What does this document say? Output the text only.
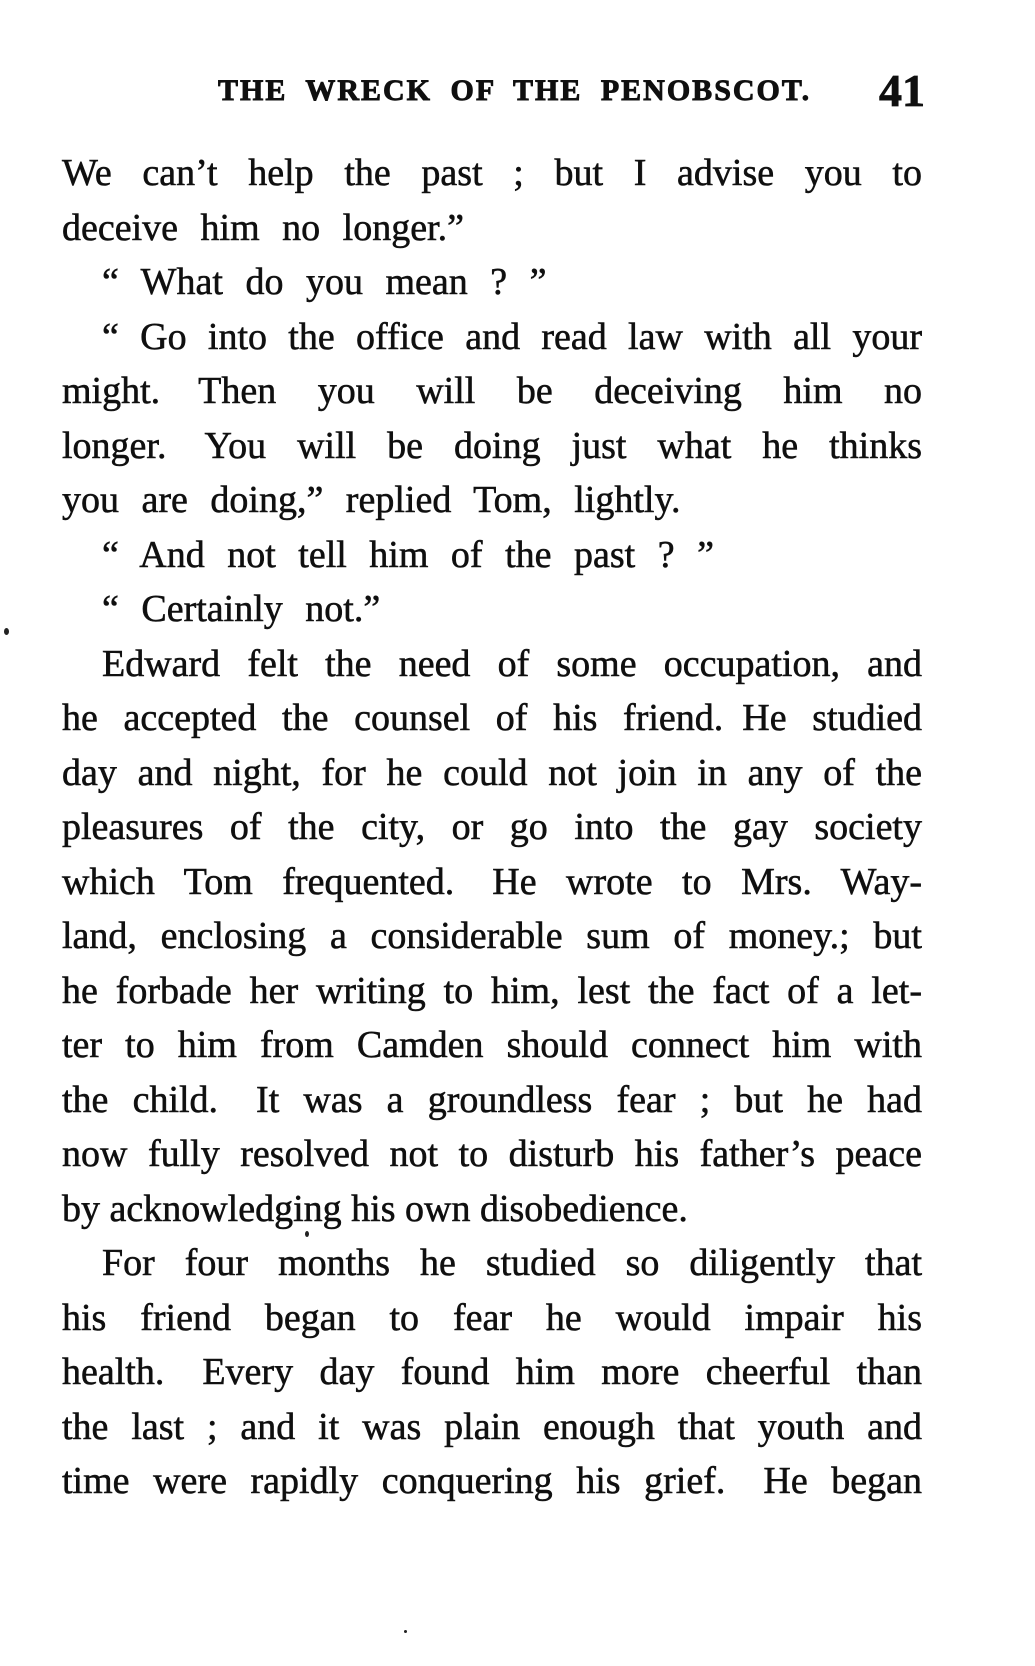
THE WRECK OF THE PENOBSCOT. 41
We can’t help the past ; but I advise you to
deceive him no longer.”
“ What do you mean ? ”
“ Go into the office and read law with all your
might.  Then you will be deceiving him no
longer.  You will be doing just what he thinks
you are doing,” replied Tom, lightly.
“ And not tell him of the past ? ”
“ Certainly not.”
Edward felt the need of some occupation, and
he accepted the counsel of his friend. He studied
day and night, for he could not join in any of the
pleasures of the city, or go into the gay society
which Tom frequented.  He wrote to Mrs. Way-
land, enclosing a considerable sum of money.; but
he forbade her writing to him, lest the fact of a let-
ter to him from Camden should connect him with
the child.  It was a groundless fear ; but he had
now fully resolved not to disturb his father’s peace
by acknowledging his own disobedience.
For four months he studied so diligently that
his friend began to fear he would impair his
health.  Every day found him more cheerful than
the last ; and it was plain enough that youth and
time were rapidly conquering his grief.  He began
